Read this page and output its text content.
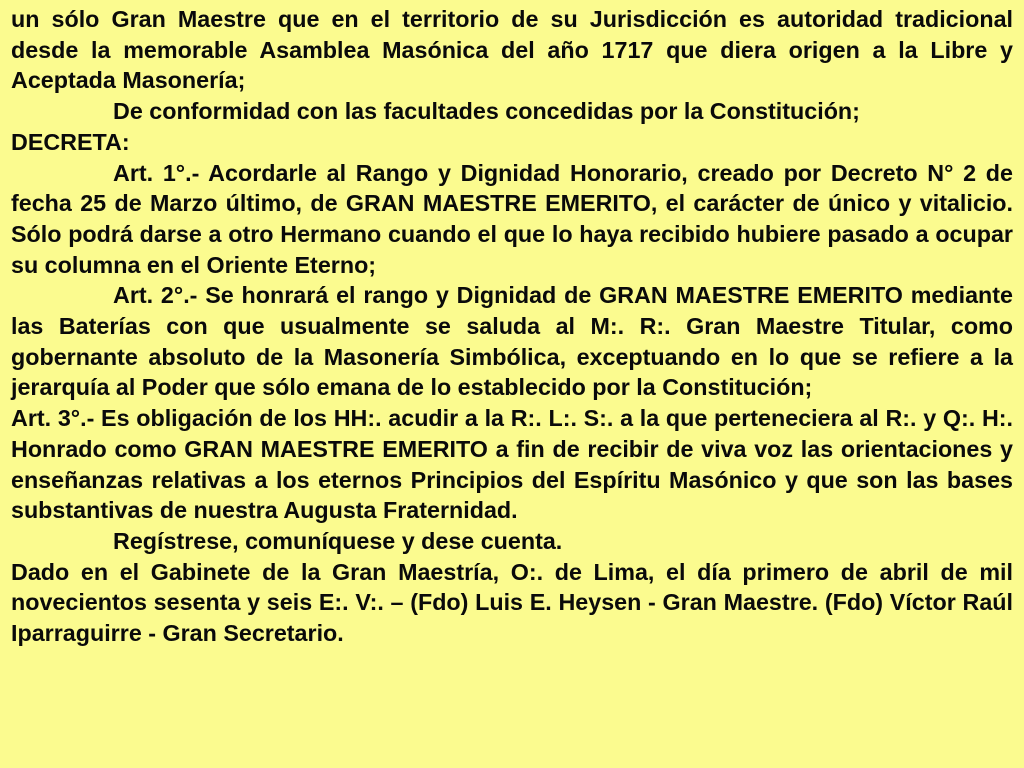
un sólo Gran Maestre que en el territorio de su Jurisdicción es autoridad tradicional desde la memorable Asamblea Masónica del año 1717 que diera origen a la Libre y Aceptada Masonería;

De conformidad con las facultades concedidas por la Constitución;

DECRETA:

Art. 1°.- Acordarle al Rango y Dignidad Honorario, creado por Decreto N° 2 de fecha 25 de Marzo último, de GRAN MAESTRE EMERITO, el carácter de único y vitalicio. Sólo podrá darse a otro Hermano cuando el que lo haya recibido hubiere pasado a ocupar su columna en el Oriente Eterno;

Art. 2°.- Se honrará el rango y Dignidad de GRAN MAESTRE EMERITO mediante las Baterías con que usualmente se saluda al M:. R:. Gran Maestre Titular, como gobernante absoluto de la Masonería Simbólica, exceptuando en lo que se refiere a la jerarquía al Poder que sólo emana de lo establecido por la Constitución;

Art. 3°.- Es obligación de los HH:. acudir a la R:. L:. S:. a la que perteneciera al R:. y Q:. H:. Honrado como GRAN MAESTRE EMERITO a fin de recibir de viva voz las orientaciones y enseñanzas relativas a los eternos Principios del Espíritu Masónico y que son las bases substantivas de nuestra Augusta Fraternidad.

Regístrese, comuníquese y dese cuenta.

Dado en el Gabinete de la Gran Maestría, O:. de Lima, el día primero de abril de mil novecientos sesenta y seis E:. V:. – (Fdo) Luis E. Heysen - Gran Maestre. (Fdo) Víctor Raúl Iparraguirre - Gran Secretario.
